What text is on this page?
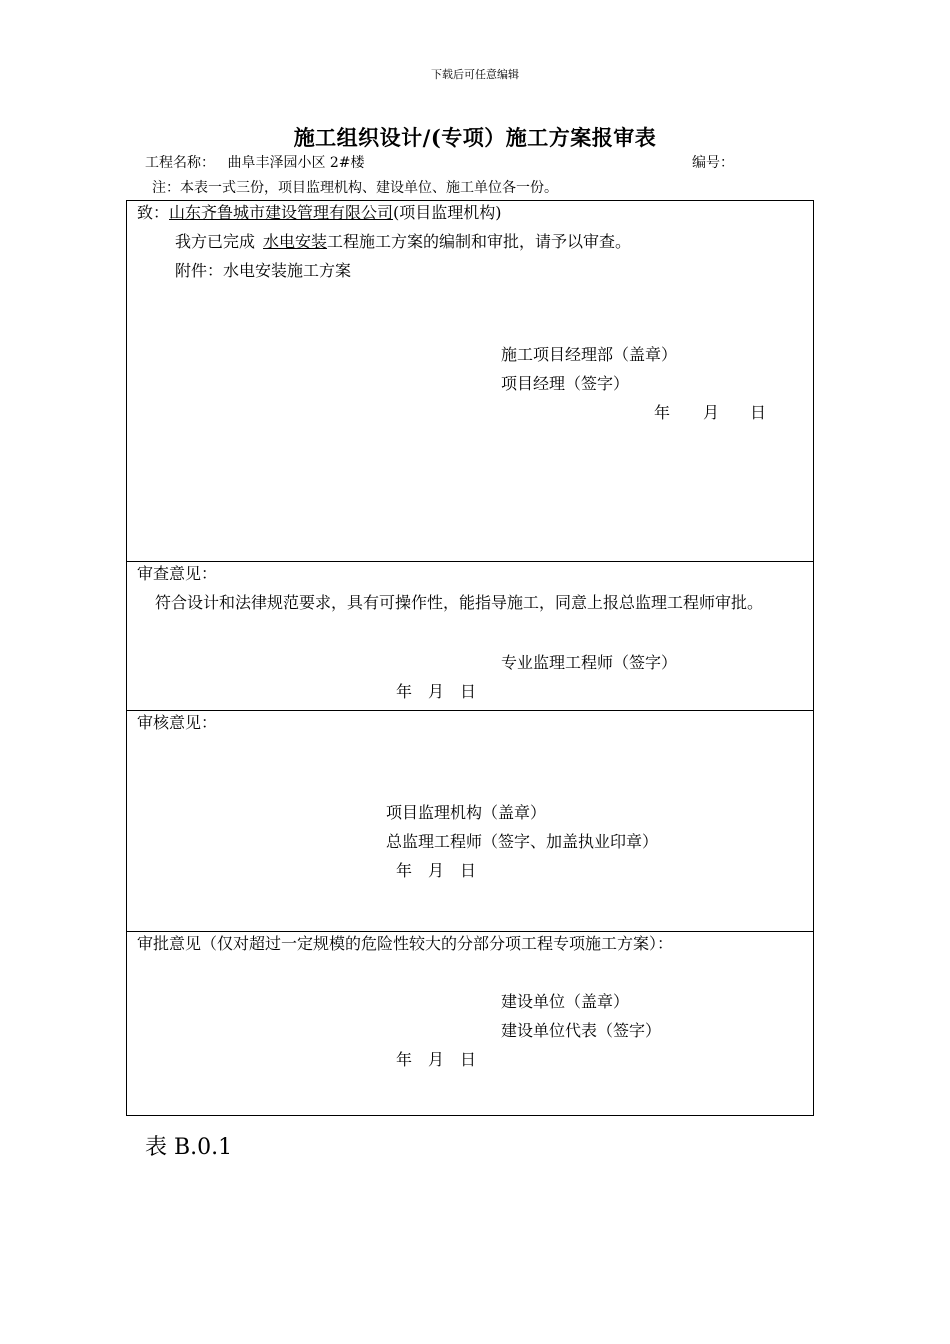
下载后可任意编辑
施工组织设计/(专项）施工方案报审表
工程名称： 曲阜丰泽园小区 2#楼	编号：
注：本表一式三份，项目监理机构、建设单位、施工单位各一份。
致：山东齐鲁城市建设管理有限公司(项目监理机构)
我方已完成 水电安装工程施工方案的编制和审批，请予以审查。
附件：水电安装施工方案
施工项目经理部（盖章）
项目经理（签字）
年 月 日
审查意见：
符合设计和法律规范要求，具有可操作性，能指导施工，同意上报总监理工程师审批。
专业监理工程师（签字）
年　月　日
审核意见：
项目监理机构（盖章）
总监理工程师（签字、加盖执业印章）
年　月　日
审批意见（仅对超过一定规模的危险性较大的分部分项工程专项施工方案）：
建设单位（盖章）
建设单位代表（签字）
年　月　日
表 B.0.1
